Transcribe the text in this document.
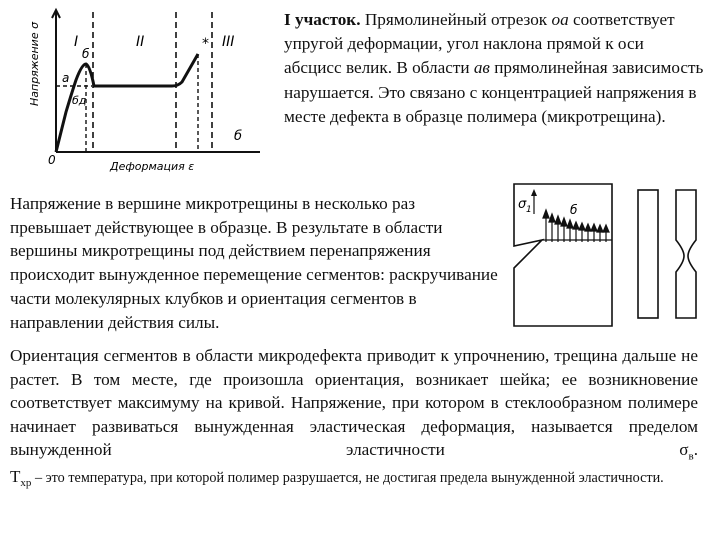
Напряжение σ
Деформация ε
I	II	III
0
а
б
бд
*
б
σ 1	б
I участок. Прямолинейный отрезок оа соответствует упругой деформации, угол наклона прямой к оси абсцисс велик. В области ав прямолинейная зависимость нарушается. Это связано с концентрацией напряжения в месте дефекта в образце полимера (микротрещина).
Напряжение в вершине микротрещины в несколько раз превышает действующее в образце. В результате в области вершины микротрещины под действием перенапряжения происходит вынужденное перемещение сегментов: раскручивание части молекулярных клубков и ориентация сегментов в направлении действия силы.
Ориентация сегментов в области микродефекта приводит к упрочнению, трещина дальше не растет. В том месте, где произошла ориентация, возникает шейка; ее возникновение соответствует максимуму на кривой. Напряжение, при котором в стеклообразном полимере начинает развиваться вынужденная эластическая деформация, называется пределом вынужденной эластичности $\sigma_в$.
$Т_{хр}$ – это температура, при которой полимер разрушается, не достигая предела вынужденной эластичности.
